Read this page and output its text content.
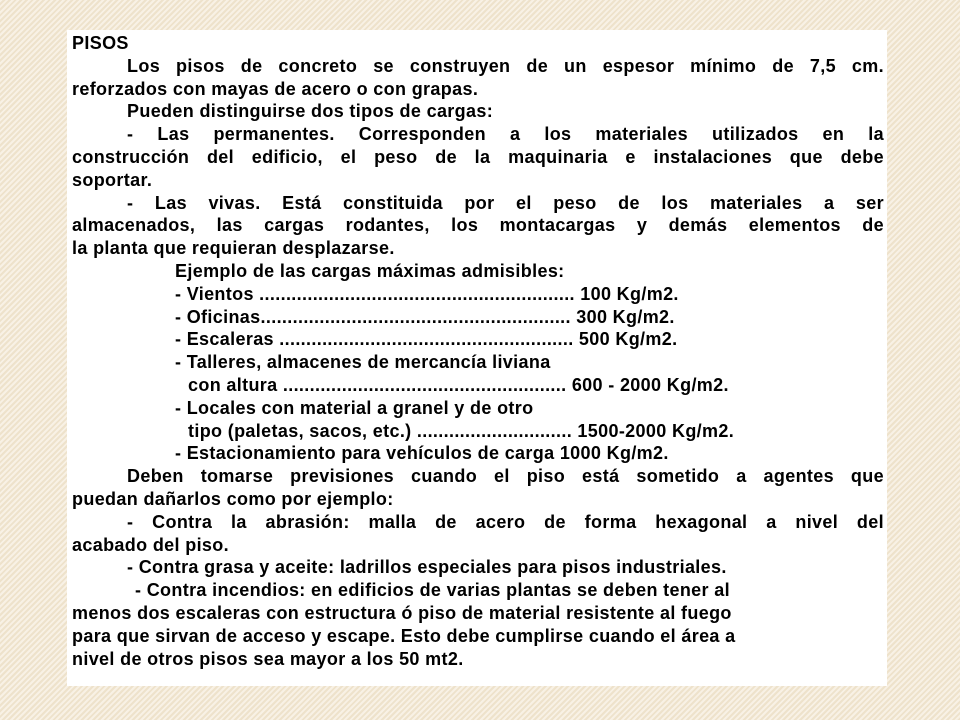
PISOS
Los pisos de concreto se construyen de un espesor mínimo de 7,5 cm.
reforzados con mayas de acero o con grapas.
Pueden distinguirse dos tipos de cargas:
- Las permanentes. Corresponden a los materiales utilizados en la
construcción del edificio, el peso de la maquinaria e instalaciones que debe
soportar.
- Las vivas. Está constituida por el peso de los materiales a ser
almacenados, las cargas rodantes, los montacargas y demás elementos de
la planta que requieran desplazarse.
Ejemplo de las cargas máximas admisibles:
- Vientos ........................................................... 100 Kg/m2.
- Oficinas.......................................................... 300 Kg/m2.
- Escaleras ....................................................... 500 Kg/m2.
- Talleres, almacenes de mercancía liviana
con altura ..................................................... 600 - 2000 Kg/m2.
- Locales con material a granel y de otro
tipo (paletas, sacos, etc.) ............................. 1500-2000 Kg/m2.
- Estacionamiento para vehículos de carga 1000 Kg/m2.
Deben tomarse previsiones cuando el piso está sometido a agentes que
puedan dañarlos como por ejemplo:
- Contra la abrasión: malla de acero de forma hexagonal a nivel del
acabado del piso.
- Contra grasa y aceite: ladrillos especiales para pisos industriales.
- Contra incendios: en edificios de varias plantas se deben tener al
menos dos escaleras con estructura ó piso de material resistente al fuego
para que sirvan de acceso y escape. Esto debe cumplirse cuando el área a
nivel de otros pisos sea mayor a los 50 mt2.
